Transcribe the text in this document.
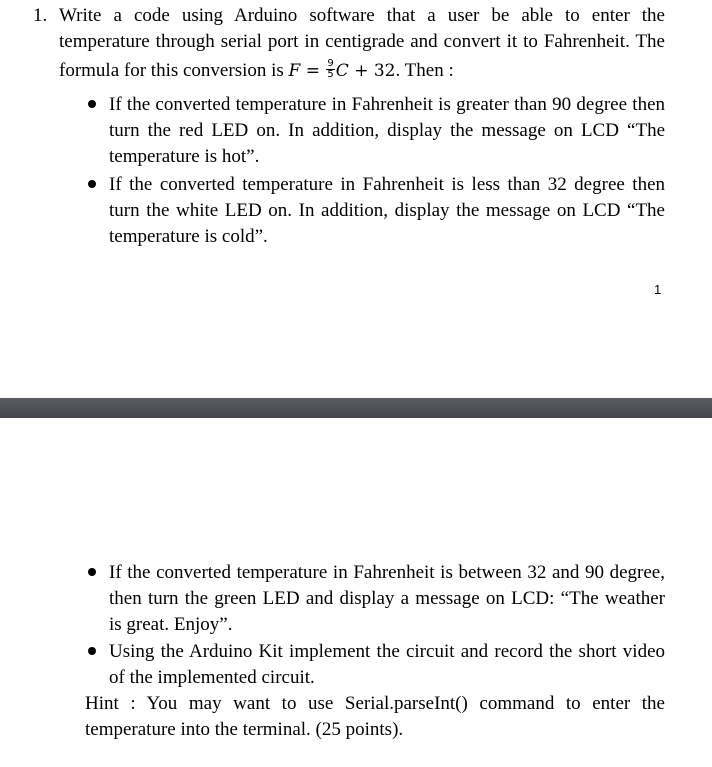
1. Write a code using Arduino software that a user be able to enter the
temperature through serial port in centigrade and convert it to Fahrenheit. The
formula for this conversion is $F = \frac{9}{5}$ C + 32. Then :
If the converted temperature in Fahrenheit is greater than 90 degree then
turn the red LED on. In addition, display the message on LCD “The
temperature is hot”.
If the converted temperature in Fahrenheit is less than 32 degree then
turn the white LED on. In addition, display the message on LCD “The
temperature is cold”.
1
If the converted temperature in Fahrenheit is between 32 and 90 degree,
then turn the green LED and display a message on LCD: “The weather
is great. Enjoy”.
Using the Arduino Kit implement the circuit and record the short video
of the implemented circuit.
Hint : You may want to use Serial.parseInt() command to enter the
temperature into the terminal. (25 points).
